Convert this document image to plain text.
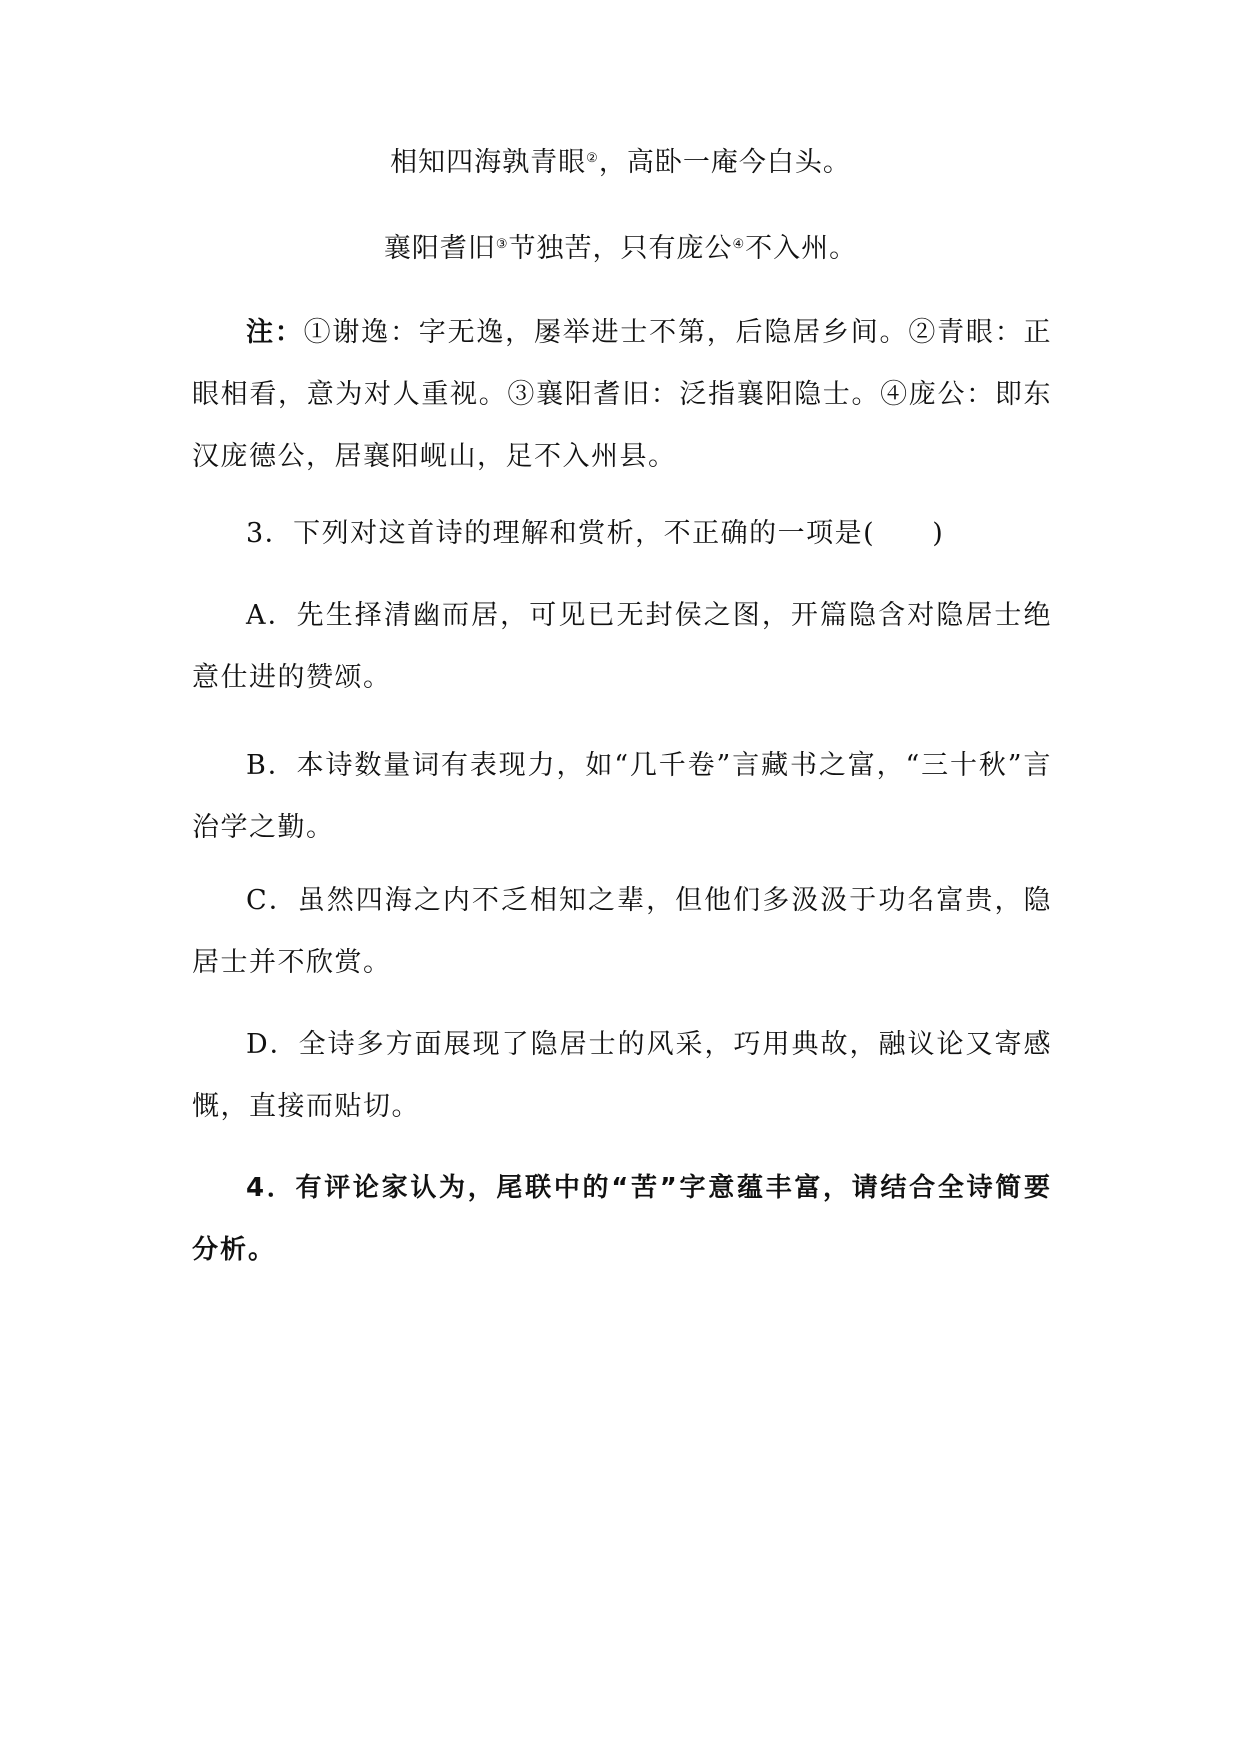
相知四海孰青眼②，高卧一庵今白头。
襄阳耆旧③节独苦，只有庞公④不入州。
注：①谢逸：字无逸，屡举进士不第，后隐居乡间。②青眼：正眼相看，意为对人重视。③襄阳耆旧：泛指襄阳隐士。④庞公：即东汉庞德公，居襄阳岘山，足不入州县。
3．下列对这首诗的理解和赏析，不正确的一项是(　　)
A．先生择清幽而居，可见已无封侯之图，开篇隐含对隐居士绝意仕进的赞颂。
B．本诗数量词有表现力，如“几千卷”言藏书之富，“三十秋”言治学之勤。
C．虽然四海之内不乏相知之辈，但他们多汲汲于功名富贵，隐居士并不欣赏。
D．全诗多方面展现了隐居士的风采，巧用典故，融议论又寄感慨，直接而贴切。
4．有评论家认为，尾联中的“苦”字意蕴丰富，请结合全诗简要分析。
